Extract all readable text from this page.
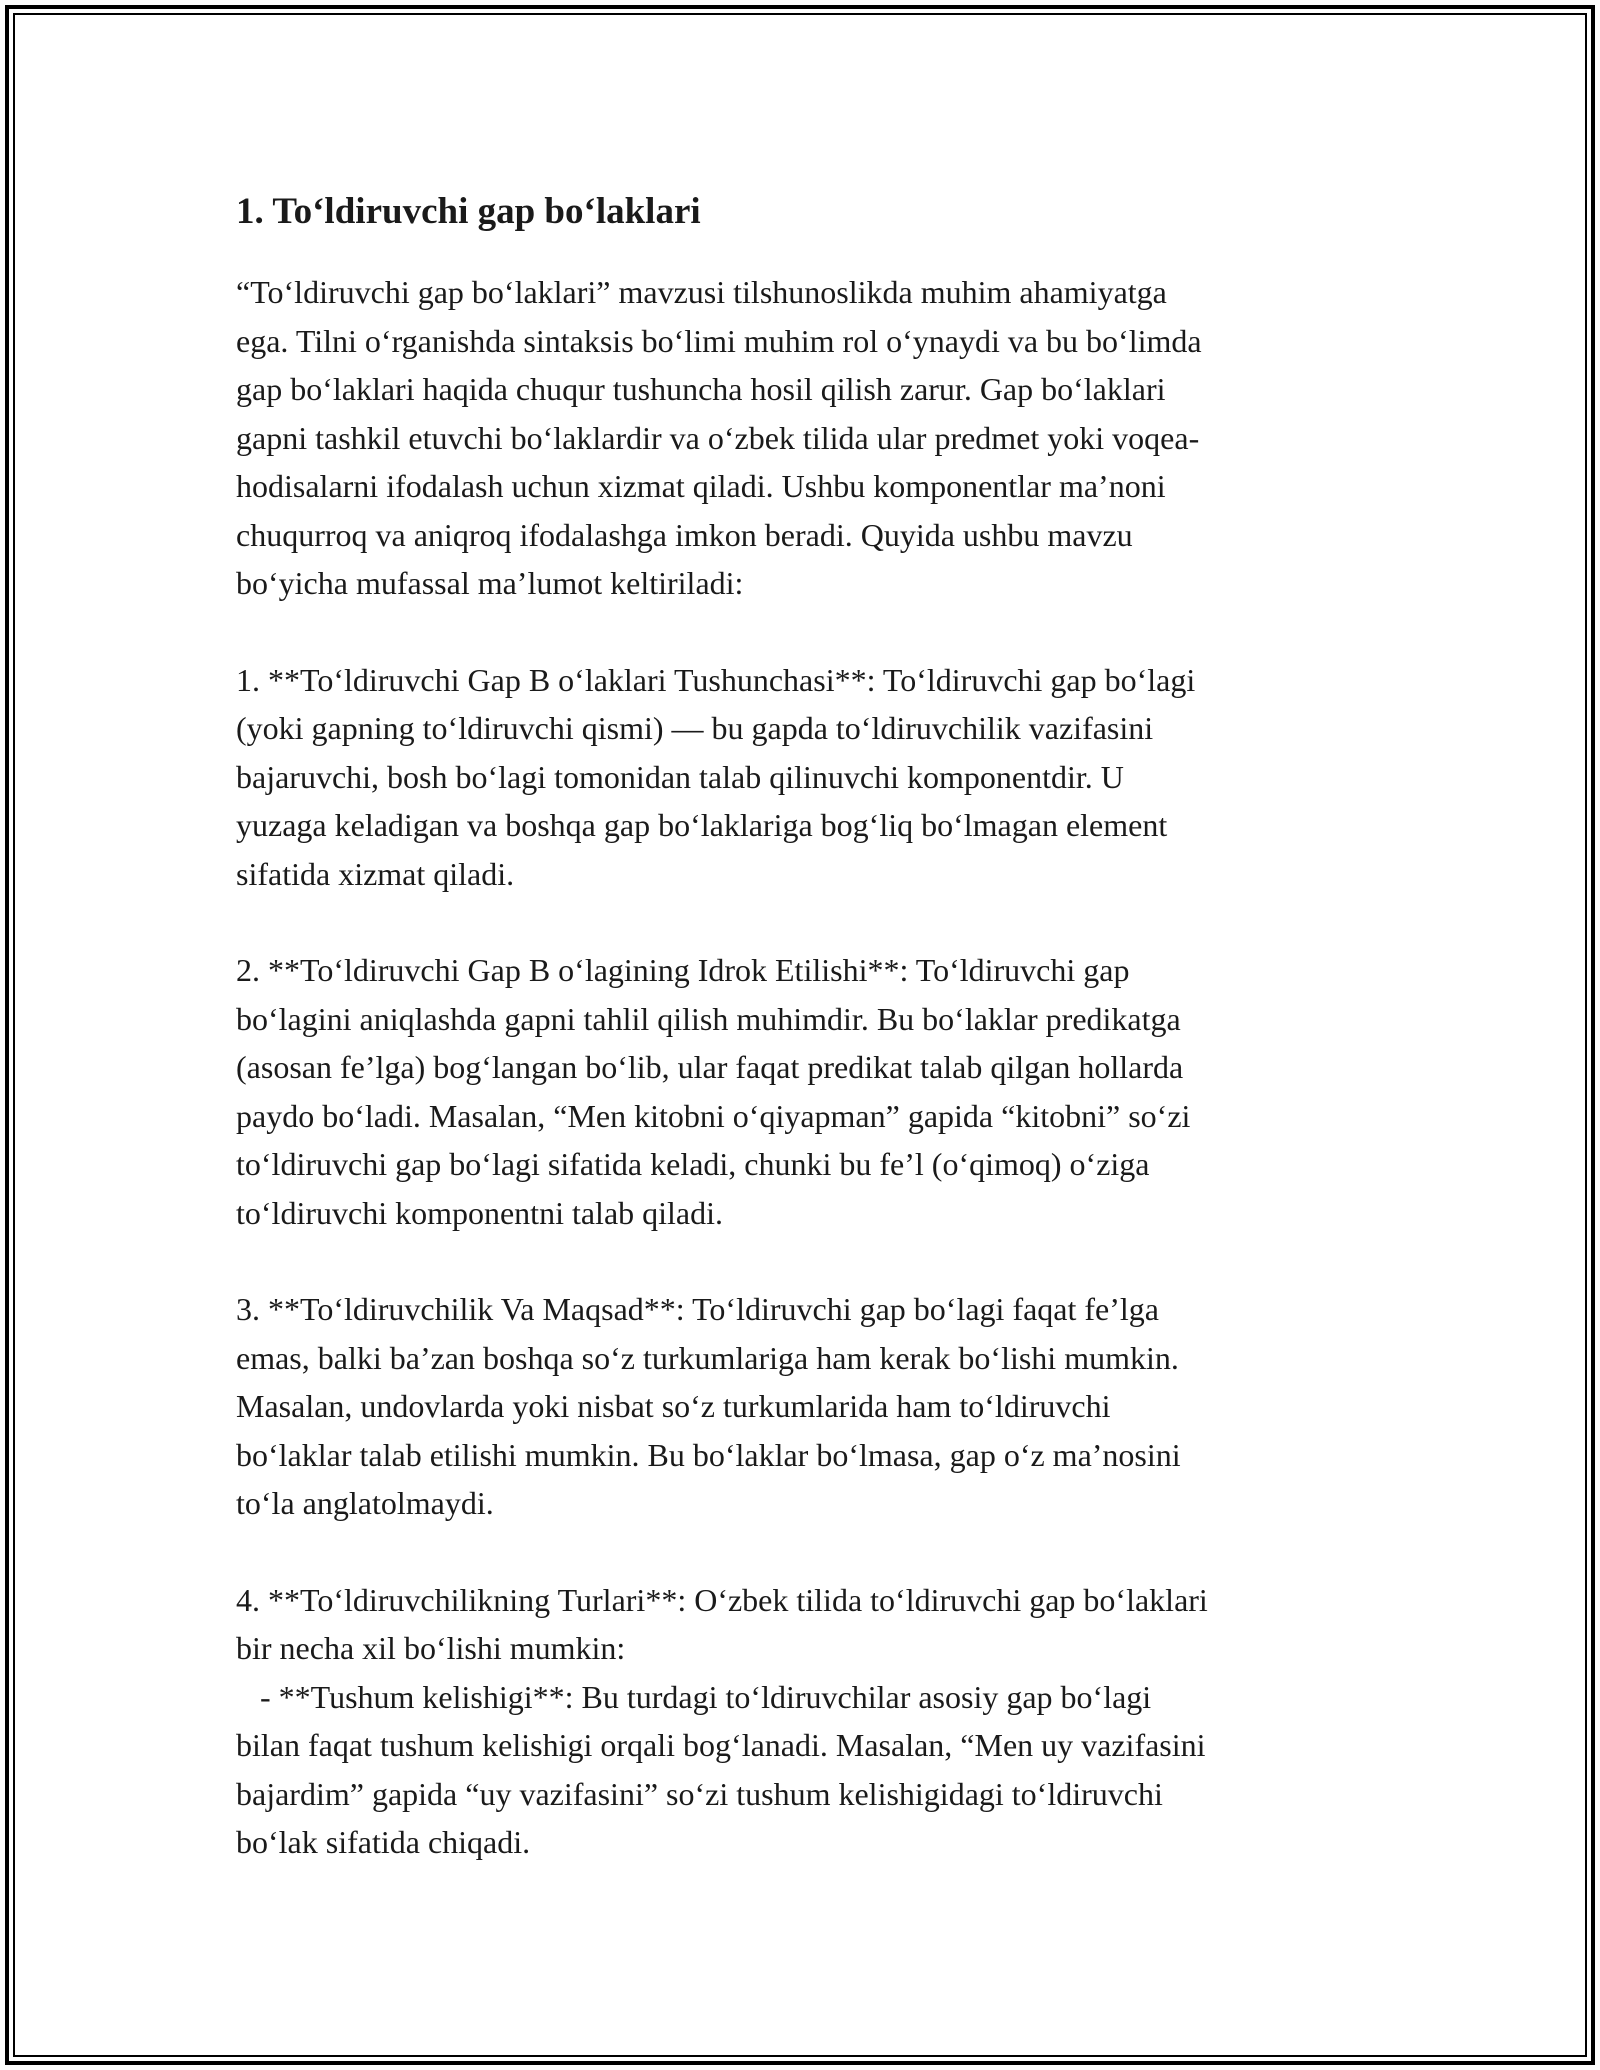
1. To‘ldiruvchi gap bo‘laklari

“To‘ldiruvchi gap bo‘laklari” mavzusi tilshunoslikda muhim ahamiyatga
ega. Tilni o‘rganishda sintaksis bo‘limi muhim rol o‘ynaydi va bu bo‘limda
gap bo‘laklari haqida chuqur tushuncha hosil qilish zarur. Gap bo‘laklari
gapni tashkil etuvchi bo‘laklardir va o‘zbek tilida ular predmet yoki voqea-
hodisalarni ifodalash uchun xizmat qiladi. Ushbu komponentlar ma’noni
chuqurroq va aniqroq ifodalashga imkon beradi. Quyida ushbu mavzu
bo‘yicha mufassal ma’lumot keltiriladi:

1. **To‘ldiruvchi Gap B o‘laklari Tushunchasi**: To‘ldiruvchi gap bo‘lagi
(yoki gapning to‘ldiruvchi qismi) — bu gapda to‘ldiruvchilik vazifasini
bajaruvchi, bosh bo‘lagi tomonidan talab qilinuvchi komponentdir. U
yuzaga keladigan va boshqa gap bo‘laklariga bog‘liq bo‘lmagan element
sifatida xizmat qiladi.

2. **To‘ldiruvchi Gap B o‘lagining Idrok Etilishi**: To‘ldiruvchi gap
bo‘lagini aniqlashda gapni tahlil qilish muhimdir. Bu bo‘laklar predikatga
(asosan fe’lga) bog‘langan bo‘lib, ular faqat predikat talab qilgan hollarda
paydo bo‘ladi. Masalan, “Men kitobni o‘qiyapman” gapida “kitobni” so‘zi
to‘ldiruvchi gap bo‘lagi sifatida keladi, chunki bu fe’l (o‘qimoq) o‘ziga
to‘ldiruvchi komponentni talab qiladi.

3. **To‘ldiruvchilik Va Maqsad**: To‘ldiruvchi gap bo‘lagi faqat fe’lga
emas, balki ba’zan boshqa so‘z turkumlariga ham kerak bo‘lishi mumkin.
Masalan, undovlarda yoki nisbat so‘z turkumlarida ham to‘ldiruvchi
bo‘laklar talab etilishi mumkin. Bu bo‘laklar bo‘lmasa, gap o‘z ma’nosini
to‘la anglatolmaydi.

4. **To‘ldiruvchilikning Turlari**: O‘zbek tilida to‘ldiruvchi gap bo‘laklari
bir necha xil bo‘lishi mumkin:
- **Tushum kelishigi**: Bu turdagi to‘ldiruvchilar asosiy gap bo‘lagi
bilan faqat tushum kelishigi orqali bog‘lanadi. Masalan, “Men uy vazifasini
bajardim” gapida “uy vazifasini” so‘zi tushum kelishigidagi to‘ldiruvchi
bo‘lak sifatida chiqadi.
